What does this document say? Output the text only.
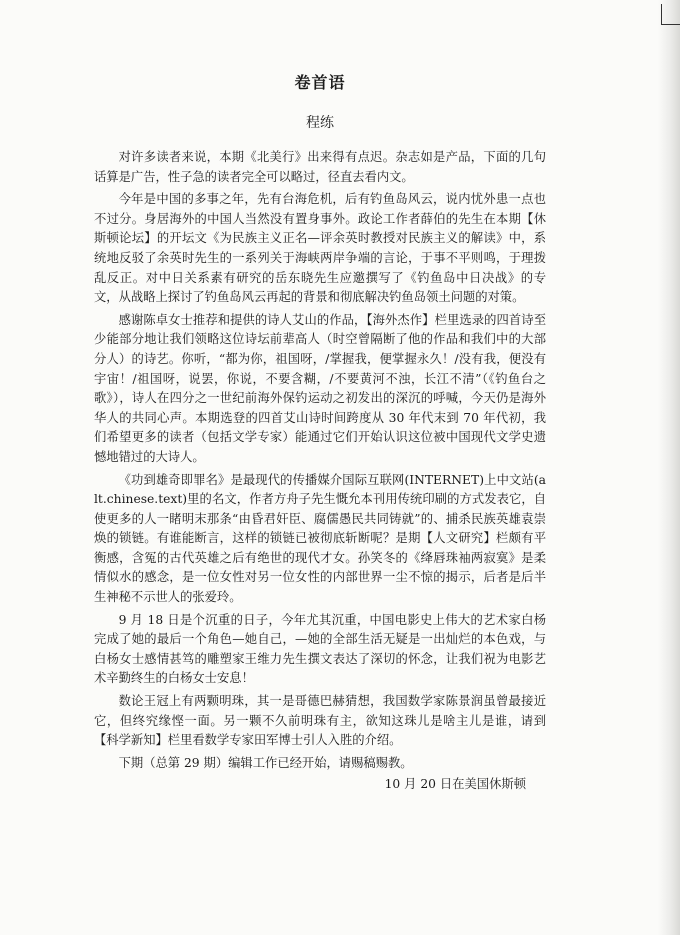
卷首语
程练

对许多读者来说，本期《北美行》出来得有点迟。杂志如是产品，下面的几句话算是广告，性子急的读者完全可以略过，径直去看内文。

今年是中国的多事之年，先有台海危机，后有钓鱼岛风云，说内忧外患一点也不过分。身居海外的中国人当然没有置身事外。政论工作者薛伯的先生在本期【休斯顿论坛】的开坛文《为民族主义正名—评余英时教授对民族主义的解读》中，系统地反驳了余英时先生的一系列关于海峡两岸争端的言论，于事不平则鸣，于理拨乱反正。对中日关系素有研究的岳东晓先生应邀撰写了《钓鱼岛中日决战》的专文，从战略上探讨了钓鱼岛风云再起的背景和彻底解决钓鱼岛领土问题的对策。

感谢陈卓女士推荐和提供的诗人艾山的作品，【海外杰作】栏里选录的四首诗至少能部分地让我们领略这位诗坛前辈高人（时空曾隔断了他的作品和我们中的大部分人）的诗艺。你听，“都为你，祖国呀，/掌握我，便掌握永久！/没有我，便没有宇宙！/祖国呀，说罢，你说，不要含糊，/不要黄河不浊，长江不清”（《钓鱼台之歌》），诗人在四分之一世纪前海外保钓运动之初发出的深沉的呼喊，今天仍是海外华人的共同心声。本期选登的四首艾山诗时间跨度从 30 年代末到 70 年代初，我们希望更多的读者（包括文学专家）能通过它们开始认识这位被中国现代文学史遗憾地错过的大诗人。

《功到雄奇即罪名》是最现代的传播媒介国际互联网(INTERNET)上中文站(alt.chinese.text)里的名文，作者方舟子先生慨允本刊用传统印刷的方式发表它，自使更多的人一睹明末那条“由昏君奸臣、腐儒愚民共同铸就”的、捕杀民族英雄袁崇焕的锁链。有谁能断言，这样的锁链已被彻底斩断呢？是期【人文研究】栏颇有平衡感，含冤的古代英雄之后有绝世的现代才女。孙笑冬的《绛唇珠袖两寂寞》是柔情似水的感念，是一位女性对另一位女性的内部世界一尘不惊的揭示，后者是后半生神秘不示世人的张爱玲。

9 月 18 日是个沉重的日子，今年尤其沉重，中国电影史上伟大的艺术家白杨完成了她的最后一个角色—她自己，—她的全部生活无疑是一出灿烂的本色戏，与白杨女士感情甚笃的雕塑家王维力先生撰文表达了深切的怀念，让我们祝为电影艺术辛勤终生的白杨女士安息！

数论王冠上有两颗明珠，其一是哥德巴赫猜想，我国数学家陈景润虽曾最接近它，但终究缘悭一面。另一颗不久前明珠有主，欲知这珠儿是啥主儿是谁，请到【科学新知】栏里看数学专家田军博士引人入胜的介绍。

下期（总第 29 期）编辑工作已经开始，请赐稿赐教。

10 月 20 日在美国休斯顿
